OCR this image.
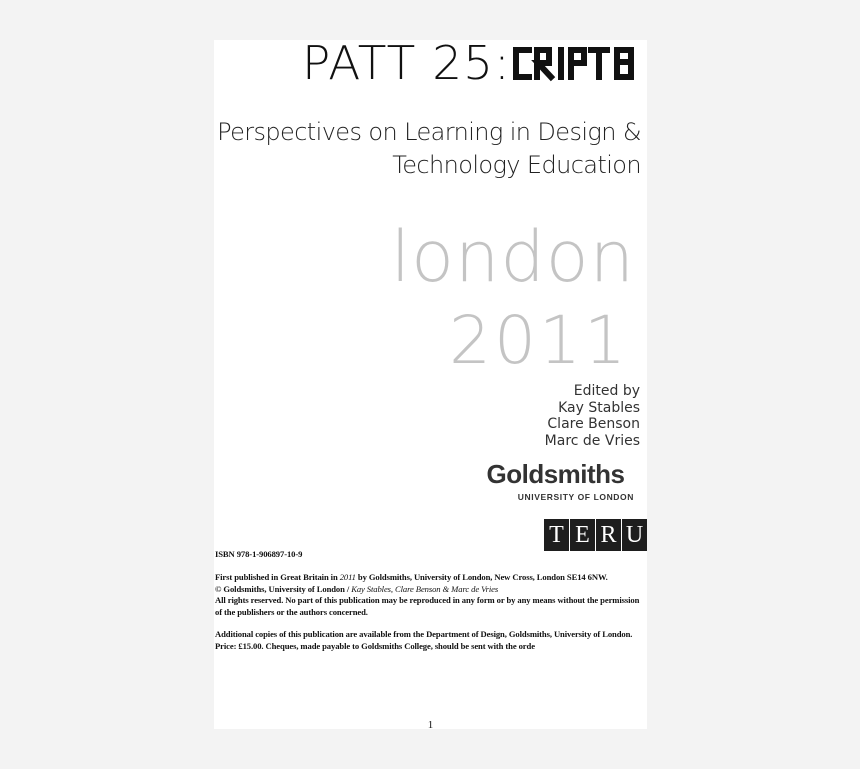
PATT 25:
Perspectives on Learning in Design &
Technology Education
london
2011
Edited by
Kay Stables
Clare Benson
Marc de Vries
Goldsmiths
UNIVERSITY OF LONDON
T E R U

ISBN 978-1-906897-10-9

First published in Great Britain in 2011 by Goldsmiths, University of London, New Cross, London SE14 6NW.

© Goldsmiths, University of London / Kay Stables, Clare Benson & Marc de Vries

All rights reserved. No part of this publication may be reproduced in any form or by any means without the permission of the publishers or the authors concerned.

Additional copies of this publication are available from the Department of Design, Goldsmiths, University of London. Price: £15.00. Cheques, made payable to Goldsmiths College, should be sent with the orde

1
